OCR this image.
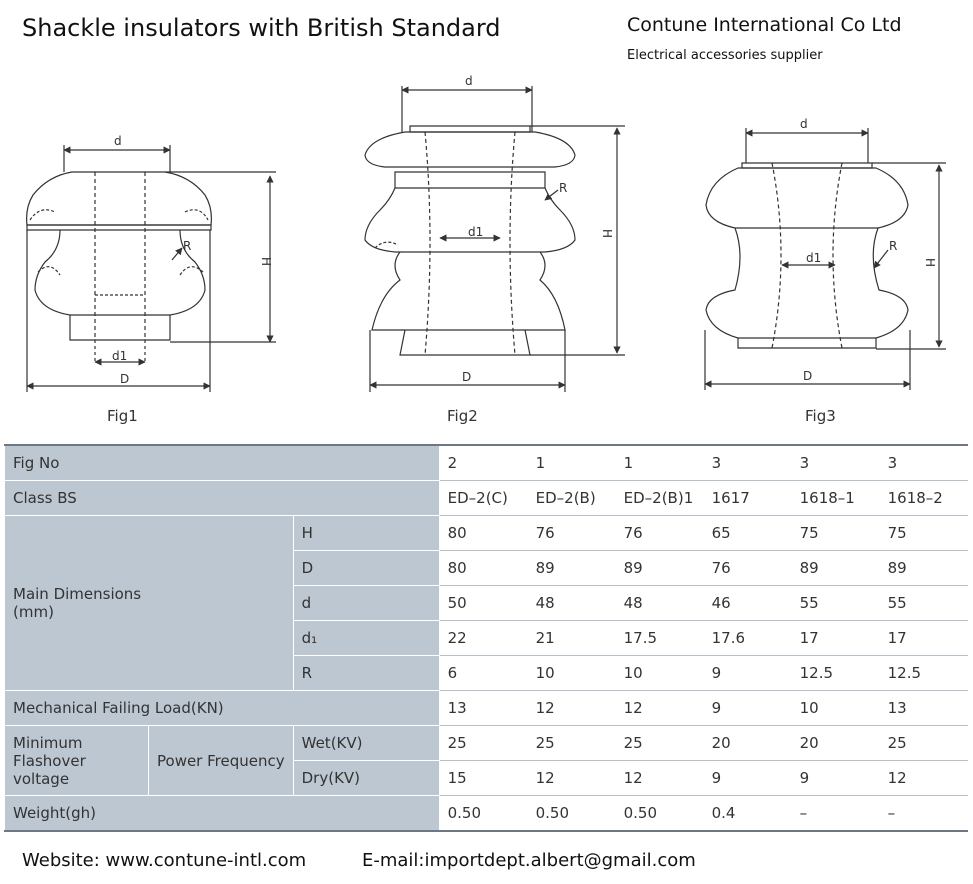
Shackle insulators with British Standard	Contune International Co Ltd
Electrical accessories supplier
d
d1
D
H
R
d
d1
D
H
R
d
d1
D
H
R
Fig1	Fig2	Fig3
Fig No			2	1	1	3	3	3
Class BS			ED–2(C)	ED–2(B)	ED–2(B)1	1617	1618–1	1618–2
Main Dimensions
(mm)		H	80	76	76	65	75	75
		D	80	89	89	76	89	89
		d	50	48	48	46	55	55
		d₁	22	21	17.5	17.6	17	17
		R	6	10	10	9	12.5	12.5
Mechanical Failing Load(KN)			13	12	12	9	10	13
Minimum
Flashover voltage	Power Frequency	Wet(KV)	25	25	25	20	20	25
		Dry(KV)	15	12	12	9	9	12
Weight(gh)			0.50	0.50	0.50	0.4	–	–
Website: www.contune-intl.com	E-mail:importdept.albert@gmail.com
